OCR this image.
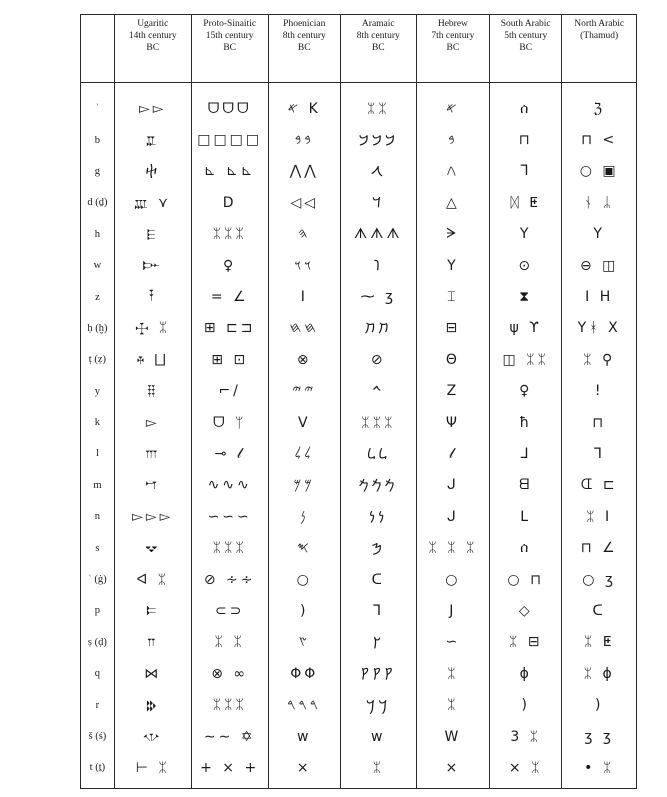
	Ugaritic
14th century
BC	Proto-Sinaitic
15th century
BC	Phoenician
8th century
BC	Aramaic
8th century
BC	Hebrew
7th century
BC	South Arabic
5th century
BC	North Arabic
(Thamud)

ʾ	▻▻	ᗜᗜᗜ	𐤀 K	ᛯᛯ	𐤀	ሰ	ℨ
b	𐎁	□□□□	𐤁𐤁	𐡁𐡁𐡁	𐤁	⊓	⊓ <
g	ⴕ	⊾ ⊾⊾	⋀⋀	𐡂	𐤂	ᒣ	○ ▣
d (ḏ)	𐎄 ⋎	D	◁◁	𐡃	△	ᛞ ⵟ	ᚾ ᛦ
h	𐎅	ᛯᛯᛯ	𐤄	ᗑᗑᗑ	ᗒ	Y	Y
w	𐎆	♀	𐤅𐤅	𐡅	Y	⊙	⊖ ◫
z	𐎇	= ∠	I	⁓ ʒ	⌶	⧗	I H
ḥ (ḫ)	𐎈 ᛯ	⊞ ⊏⊐	𐤇𐤇	𐡇𐡇	⊟	ψ ϒ	Yᚼ X
ṭ (ẓ)	𐎉 ⨆	⊞ ⊡	⊗	⊘	Θ	◫ ᛯᛯ	ᛯ ⚲
y	𐎊	⌐/	𐤉𐤉	𐡉	Z	♀	ǃ
k	▻	ᗜ ᛘ	ᐯ	ᛯᛯᛯ	Ψ	ħ	⊓
l	𐎍	⊸ 𝓁	𐤋𐤋	𐡋𐡋	𝓁	ᒧ	ᒣ
m	𐎎	∿∿∿	𐤌𐤌	𐡌𐡌𐡌	ᒍ	ᗺ	ᗭ ⊏
n	▻▻▻	∽∽∽	𐤍	𐡍𐡍	ᒍ	ᒪ	ᛯ I
s	𐎒	ᛯᛯᛯ	𐤎	𐡎	ᛯ ᛯ ᛯ	ሰ	⊓ ∠
ʿ (ġ)	ᐊ ᛯ	⊘ ∻∻	○	ᑕ	○	○ ⊓	○ ʒ
p	𐎔	⊂⊃	)	ᒣ	J	◇	ᑕ
ṣ (ḍ)	𐎕	ᛯ ᛯ	𐤑	𐡑	∽	ᛯ ⊟	ᛯ ⵟ
q	⋈	⊗ ∞	ΦΦ	𐡒𐡒𐡒	ᛯ	ϕ	ᛯ ϕ
r	𐎗	ᛯᛯᛯ	𐤓𐤓𐤓	𐡓𐡓	ᛯ	)	)
š (ś)	𐎌	∼∼ ✡	w	w	W	3 ᛯ	ʒ ʒ
t (ṯ)	⊢ ᛯ	+ × +	×	ᛯ	×	× ᛯ	• ᛯ
